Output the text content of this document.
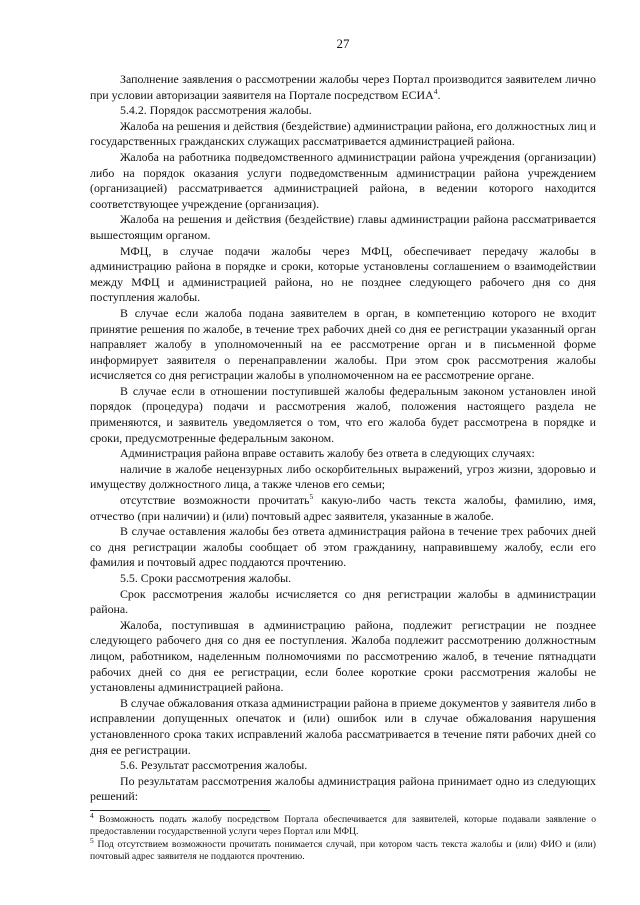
27

Заполнение заявления о рассмотрении жалобы через Портал производится заявителем лично при условии авторизации заявителя на Портале посредством ЕСИА$^4$.

5.4.2. Порядок рассмотрения жалобы.

Жалоба на решения и действия (бездействие) администрации района, его должностных лиц и государственных гражданских служащих рассматривается администрацией района.

Жалоба на работника подведомственного администрации района учреждения (организации) либо на порядок оказания услуги подведомственным администрации района учреждением (организацией) рассматривается администрацией района, в ведении которого находится соответствующее учреждение (организация).

Жалоба на решения и действия (бездействие) главы администрации района рассматривается вышестоящим органом.

МФЦ, в случае подачи жалобы через МФЦ, обеспечивает передачу жалобы в администрацию района в порядке и сроки, которые установлены соглашением о взаимодействии между МФЦ и администрацией района, но не позднее следующего рабочего дня со дня поступления жалобы.

В случае если жалоба подана заявителем в орган, в компетенцию которого не входит принятие решения по жалобе, в течение трех рабочих дней со дня ее регистрации указанный орган направляет жалобу в уполномоченный на ее рассмотрение орган и в письменной форме информирует заявителя о перенаправлении жалобы. При этом срок рассмотрения жалобы исчисляется со дня регистрации жалобы в уполномоченном на ее рассмотрение органе.

В случае если в отношении поступившей жалобы федеральным законом установлен иной порядок (процедура) подачи и рассмотрения жалоб, положения настоящего раздела не применяются, и заявитель уведомляется о том, что его жалоба будет рассмотрена в порядке и сроки, предусмотренные федеральным законом.

Администрация района вправе оставить жалобу без ответа в следующих случаях:

наличие в жалобе нецензурных либо оскорбительных выражений, угроз жизни, здоровью и имуществу должностного лица, а также членов его семьи;

отсутствие возможности прочитать$^5$ какую-либо часть текста жалобы, фамилию, имя, отчество (при наличии) и (или) почтовый адрес заявителя, указанные в жалобе.

В случае оставления жалобы без ответа администрация района в течение трех рабочих дней со дня регистрации жалобы сообщает об этом гражданину, направившему жалобу, если его фамилия и почтовый адрес поддаются прочтению.

5.5. Сроки рассмотрения жалобы.

Срок рассмотрения жалобы исчисляется со дня регистрации жалобы в администрации района.

Жалоба, поступившая в администрацию района, подлежит регистрации не позднее следующего рабочего дня со дня ее поступления. Жалоба подлежит рассмотрению должностным лицом, работником, наделенным полномочиями по рассмотрению жалоб, в течение пятнадцати рабочих дней со дня ее регистрации, если более короткие сроки рассмотрения жалобы не установлены администрацией района.

В случае обжалования отказа администрации района в приеме документов у заявителя либо в исправлении допущенных опечаток и (или) ошибок или в случае обжалования нарушения установленного срока таких исправлений жалоба рассматривается в течение пяти рабочих дней со дня ее регистрации.

5.6. Результат рассмотрения жалобы.

По результатам рассмотрения жалобы администрация района принимает одно из следующих решений:

$^4$ Возможность подать жалобу посредством Портала обеспечивается для заявителей, которые подавали заявление о предоставлении государственной услуги через Портал или МФЦ.

$^5$ Под отсутствием возможности прочитать понимается случай, при котором часть текста жалобы и (или) ФИО и (или) почтовый адрес заявителя не поддаются прочтению.
